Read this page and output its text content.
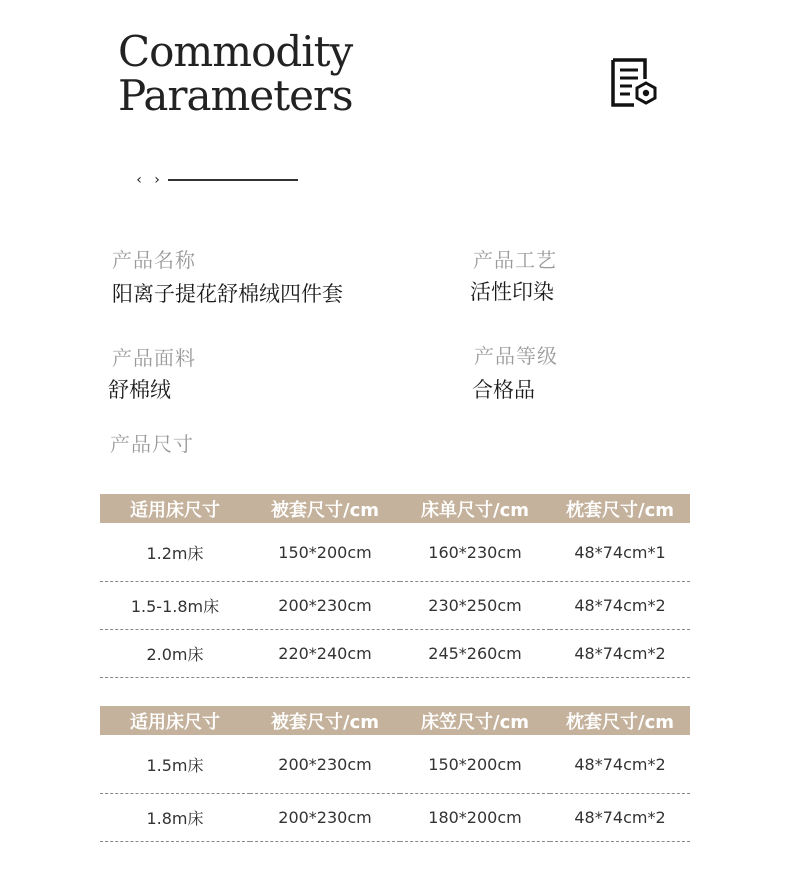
Commodity
Parameters
‹ ›
产品名称
阳离子提花舒棉绒四件套
产品工艺
活性印染
产品面料
舒棉绒
产品等级
合格品
产品尺寸
适用床尺寸	被套尺寸/cm	床单尺寸/cm	枕套尺寸/cm
1.2m床	150*200cm	160*230cm	48*74cm*1
1.5-1.8m床	200*230cm	230*250cm	48*74cm*2
2.0m床	220*240cm	245*260cm	48*74cm*2
适用床尺寸	被套尺寸/cm	床笠尺寸/cm	枕套尺寸/cm
1.5m床	200*230cm	150*200cm	48*74cm*2
1.8m床	200*230cm	180*200cm	48*74cm*2
